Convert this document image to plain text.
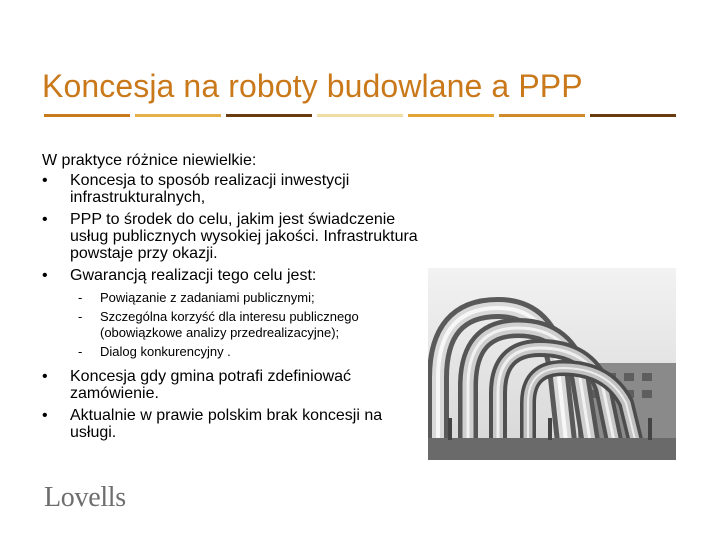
Koncesja na roboty budowlane a PPP
W praktyce różnice niewielkie:
• Koncesja to sposób realizacji inwestycji infrastrukturalnych,
• PPP to środek do celu, jakim jest świadczenie usług publicznych wysokiej jakości. Infrastruktura powstaje przy okazji.
• Gwarancją realizacji tego celu jest:
- Powiązanie z zadaniami publicznymi;
- Szczególna korzyść dla interesu publicznego (obowiązkowe analizy przedrealizacyjne);
- Dialog konkurencyjny .
• Koncesja gdy gmina potrafi zdefiniować zamówienie.
• Aktualnie w prawie polskim brak koncesji na usługi.
Lovells
